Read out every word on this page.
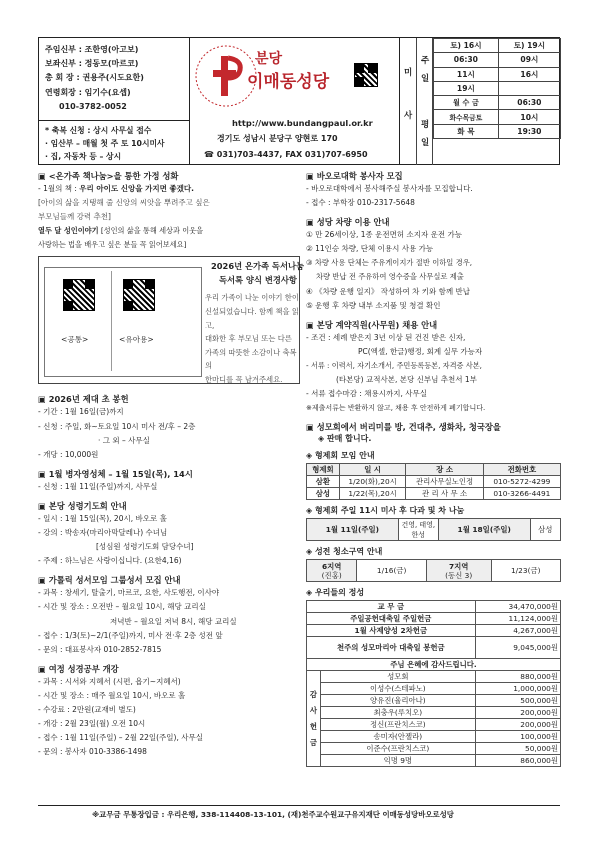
주임신부 : 조한영(아고보)
보좌신부 : 정동모(마르코)
총 회 장 : 권용주(시도요한)
연령회장 : 임기수(요셉)
010-3782-0052
* 축복 신청 : 상시 사무실 접수
· 임산부 – 매월 첫 주 토 10시미사
· 집, 자동차 등 – 상시
분당
이매동성당
http://www.bundangpaul.or.kr
경기도 성남시 분당구 양현로 170
☎ 031)703-4437, FAX 031)707-6950
미

사
주
일
평
일
토) 16시	토) 19시
06:30	09시
11시	16시
19시	
월 수 금	06:30
화수목금토	10시
화 목	19:30
▣ <온가족 책나눔>을 통한 가정 성화
- 1월의 책 : 우리 아이도 신앙을 가지면 좋겠다.
[아이의 삶을 지탱해 줄 신앙의 씨앗을 뿌려주고 싶은
부모님들께 강력 추천]
열두 달 성인이야기 [성인의 삶을 통해 세상과 이웃을
사랑하는 법을 배우고 싶은 분들 꼭 읽어보세요]
<공통>	<유아용>
2026년 온가족 독서나눔
독서록 양식 변경사항
우리 가족이 나눈 이야기 한이
신설되었습니다. 함께 책을 읽고,
대화한 후 부모님 또는 다른
가족의 따뜻한 소감이나 축복의
한마디를 꼭 남겨주세요.
▣ 2026년 제대 초 봉헌
- 기간 : 1월 16일(금)까지
- 신청 : 주일, 화~토요일 10시 미사 전/후 – 2층
· 그 외 – 사무실
- 개당 : 10,000원
▣ 1월 병자영성체 – 1월 15일(목), 14시
- 신청 : 1월 11일(주일)까지, 사무실
▣ 본당 성령기도회 안내
- 일시 : 1월 15일(목), 20시, 바오로 홀
- 강의 : 박송자(마리아막달레나) 수녀님
[성심원 성령기도회 담당수녀]
- 주제 : 하느님은 사랑이십니다. (요한4,16)
▣ 가톨릭 성서모임 그룹성서 모집 안내
- 과목 : 창세기, 탈출기, 마르코, 요한, 사도행전, 이사야
- 시간 및 장소 : 오전반 – 월요일 10시, 해당 교리실
저녁반 – 월요일 저녁 8시, 해당 교리실
- 접수 : 1/3(토)~2/1(주일)까지, 미사 전·후 2층 성전 앞
- 문의 : 대표봉사자 010-2852-7815
▣ 여정 성경공부 개강
- 과목 : 시서와 지혜서 (시편, 욥기~지혜서)
- 시간 및 장소 : 매주 월요일 10시, 바오로 홀
- 수강료 : 2만원(교재비 별도)
- 개강 : 2월 23일(월) 오전 10시
- 접수 : 1월 11일(주일) – 2월 22일(주일), 사무실
- 문의 : 봉사자 010-3386-1498
▣ 바오로대학 봉사자 모집
- 바오로대학에서 봉사해주실 봉사자를 모집합니다.
- 접수 : 부학장 010-2317-5648
▣ 성당 차량 이용 안내
① 만 26세이상, 1종 운전면허 소지자 운전 가능
② 11인승 차량, 단체 이용시 사용 가능
③ 차량 사용 단체는 주유게이지가 절반 이하일 경우,
차량 반납 전 주유하여 영수증을 사무실로 제출
④ 《차량 운행 일지》 작성하여 차 키와 함께 반납
⑤ 운행 후 차량 내부 소지품 및 청결 확인
▣ 본당 계약직원(사무원) 채용 안내
- 조건 : 세례 받은지 3년 이상 된 건진 받은 신자,
PC(엑셀, 한글)행정, 회계 실무 가능자
- 서류 : 이력서, 자기소개서, 주민등록등본, 자격증 사본,
(타본당) 교적사본, 본당 신부님 추천서 1부
- 서류 접수마감 : 채용시까지, 사무실
※제출서류는 반환하지 않고, 채용 후 안전하게 폐기합니다.
▣ 성모회에서 버리미를 방, 건대추, 생화차, 청국장을
◈ 판매 합니다.
◈ 형제회 모임 안내
형제회	일 시	장 소	전화번호
삼환	1/20(화),20시	관리사무실노인정	010-5272-4299
삼성	1/22(목),20시	관 리 사 무 소	010-3266-4491
◈ 형제회 주일 11시 미사 후 다과 및 차 나눔
1월 11일(주일)	건영, 태영,한성	1월 18일(주일)	삼성
◈ 성전 청소구역 안내
6지역
(진홍)	1/16(금)	7지역
(동신 3)	1/23(금)
◈ 우리들의 정성
교 무 금		34,470,000원
주일공헌대축일 주일헌금		11,124,000원
1월 사제양성 2차헌금		4,267,000원
천주의 성모마리아 대축일 봉헌금		9,045,000원
주님 은혜에 감사드립니다.		
감사헌금	성모회	880,000원
	이성수(스테파노)	1,000,000원
	양유진(율리아나)	500,000원
	최충우(루치오)	200,000원
	정신(프란치스코)	200,000원
	송미자(안젤라)	100,000원
	이준수(프란치스코)	50,000원
	익명 9명	860,000원
※교무금 무통장입금 : 우리은행, 338-114408-13-101, (재)천주교수원교구유지재단 이매동성당바오로성당
